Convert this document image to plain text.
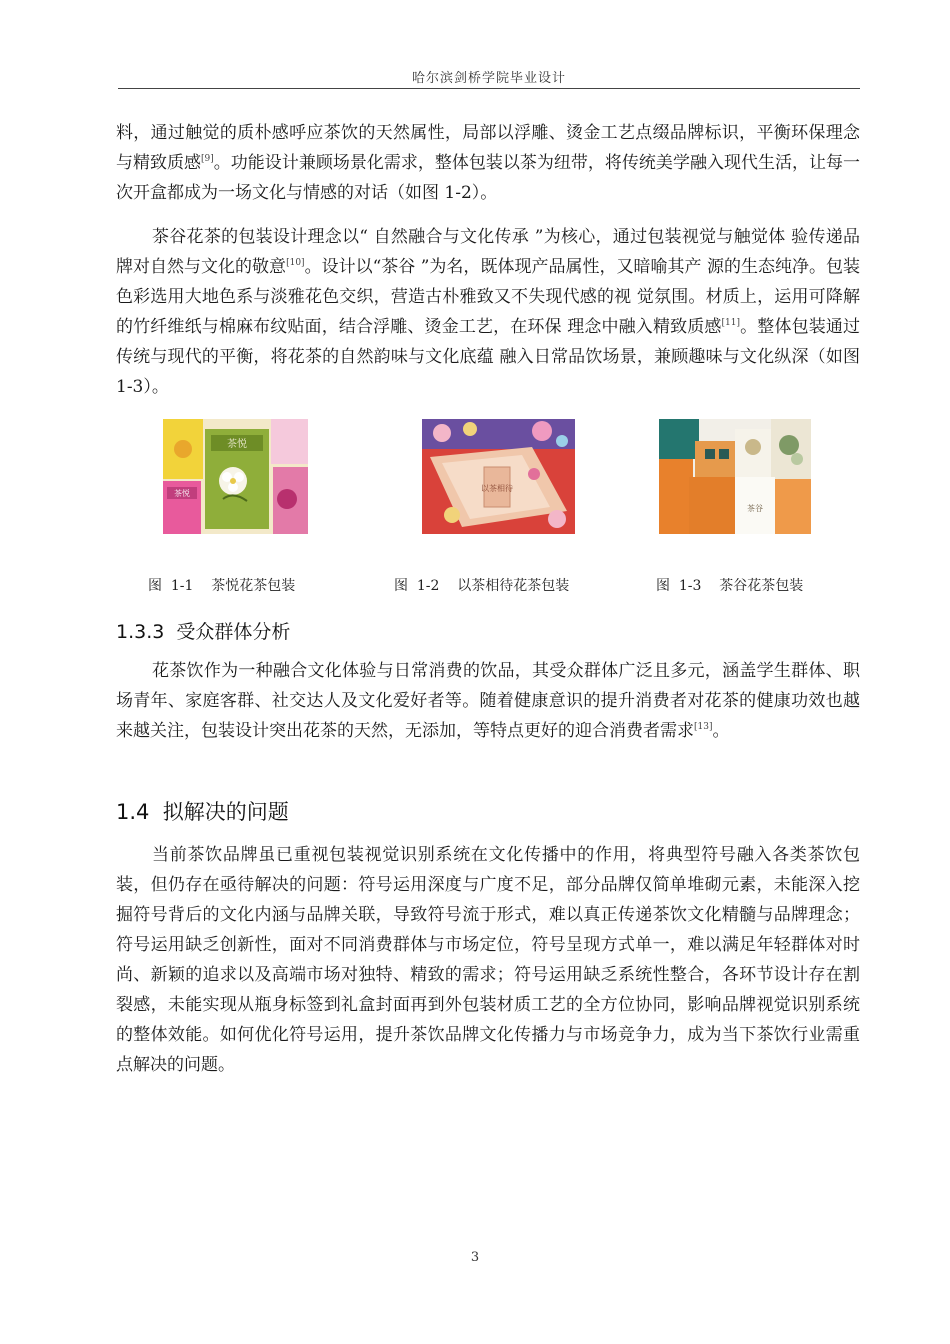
哈尔滨剑桥学院毕业设计
料，通过触觉的质朴感呼应茶饮的天然属性，局部以浮雕、烫金工艺点缀品牌标识，平衡环保理念与精致质感[9]。功能设计兼顾场景化需求，整体包装以茶为纽带，将传统美学融入现代生活，让每一次开盒都成为一场文化与情感的对话（如图 1-2）。
茶谷花茶的包装设计理念以“ 自然融合与文化传承 ”为核心，通过包装视觉与触觉体 验传递品牌对自然与文化的敬意[10]。设计以“茶谷 ”为名，既体现产品属性，又暗喻其产 源的生态纯净。包装色彩选用大地色系与淡雅花色交织，营造古朴雅致又不失现代感的视 觉氛围。材质上，运用可降解的竹纤维纸与棉麻布纹贴面，结合浮雕、烫金工艺，在环保 理念中融入精致质感[11]。整体包装通过传统与现代的平衡，将花茶的自然韵味与文化底蕴 融入日常品饮场景，兼顾趣味与文化纵深（如图 1-3）。
茶悦
茶悦
以茶相待
茶谷
图  1-1    茶悦花茶包装	图  1-2    以茶相待花茶包装	图  1-3    茶谷花茶包装
1.3.3  受众群体分析
花茶饮作为一种融合文化体验与日常消费的饮品，其受众群体广泛且多元，涵盖学生群体、职场青年、家庭客群、社交达人及文化爱好者等。随着健康意识的提升消费者对花茶的健康功效也越来越关注，包装设计突出花茶的天然，无添加，等特点更好的迎合消费者需求[13]。
1.4  拟解决的问题
当前茶饮品牌虽已重视包装视觉识别系统在文化传播中的作用，将典型符号融入各类茶饮包装，但仍存在亟待解决的问题：符号运用深度与广度不足，部分品牌仅简单堆砌元素，未能深入挖掘符号背后的文化内涵与品牌关联，导致符号流于形式，难以真正传递茶饮文化精髓与品牌理念；符号运用缺乏创新性，面对不同消费群体与市场定位，符号呈现方式单一，难以满足年轻群体对时尚、新颖的追求以及高端市场对独特、精致的需求；符号运用缺乏系统性整合，各环节设计存在割裂感，未能实现从瓶身标签到礼盒封面再到外包装材质工艺的全方位协同，影响品牌视觉识别系统的整体效能。如何优化符号运用，提升茶饮品牌文化传播力与市场竞争力，成为当下茶饮行业需重点解决的问题。
3
